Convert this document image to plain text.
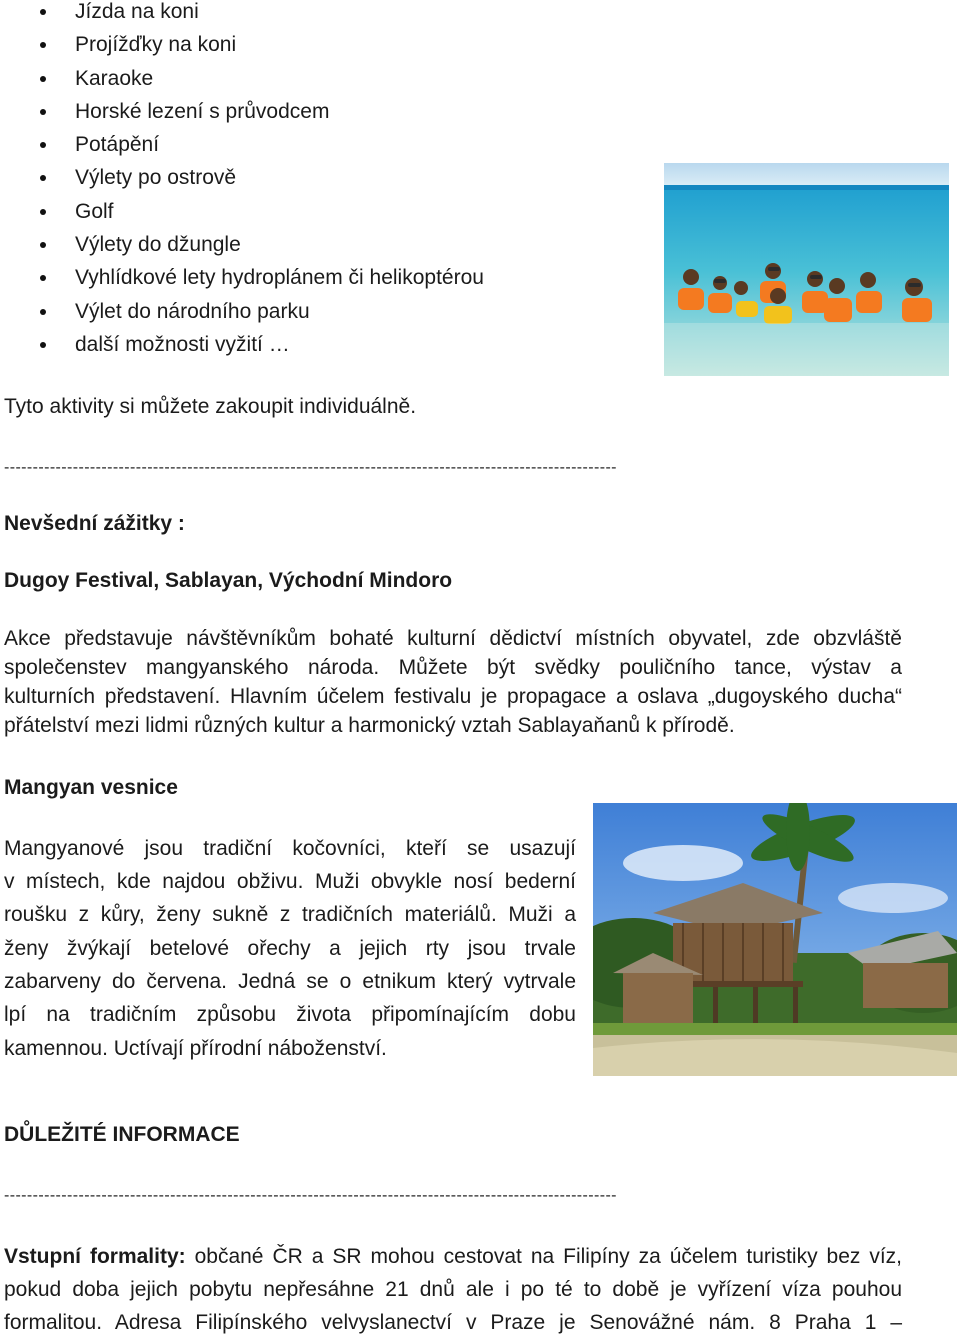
Jízda na koni
Projížďky na koni
Karaoke
Horské lezení s průvodcem
Potápění
Výlety po ostrově
Golf
Výlety do džungle
Vyhlídkové lety hydroplánem či helikoptérou
Výlet do národního parku
další možnosti vyžití …
Tyto aktivity si můžete zakoupit individuálně.
-----------------------------------------------------------------------------------------------------------
Nevšední zážitky :
Dugoy Festival, Sablayan, Východní Mindoro
Akce představuje návštěvníkům bohaté kulturní dědictví místních obyvatel, zde obzvláště
společenstev mangyanského národa. Můžete být svědky pouličního tance, výstav a
kulturních představení. Hlavním účelem festivalu je propagace a oslava „dugoyského ducha“
přátelství mezi lidmi různých kultur a harmonický vztah Sablayaňanů k přírodě.
Mangyan vesnice
Mangyanové jsou tradiční kočovníci, kteří se usazují
v místech, kde najdou obživu. Muži obvykle nosí bederní
roušku z kůry, ženy sukně z tradičních materiálů. Muži a
ženy žvýkají betelové ořechy a jejich rty jsou trvale
zabarveny do červena. Jedná se o etnikum který vytrvale
lpí na tradičním způsobu života připomínajícím dobu
kamennou. Uctívají přírodní náboženství.
DŮLEŽITÉ INFORMACE
-----------------------------------------------------------------------------------------------------------
Vstupní formality: občané ČR a SR mohou cestovat na Filipíny za účelem turistiky bez víz,
pokud doba jejich pobytu nepřesáhne 21 dnů ale i po té to době je vyřízení víza pouhou
formalitou. Adresa Filipínského velvyslanectví v Praze je Senovážné nám. 8 Praha 1 –
